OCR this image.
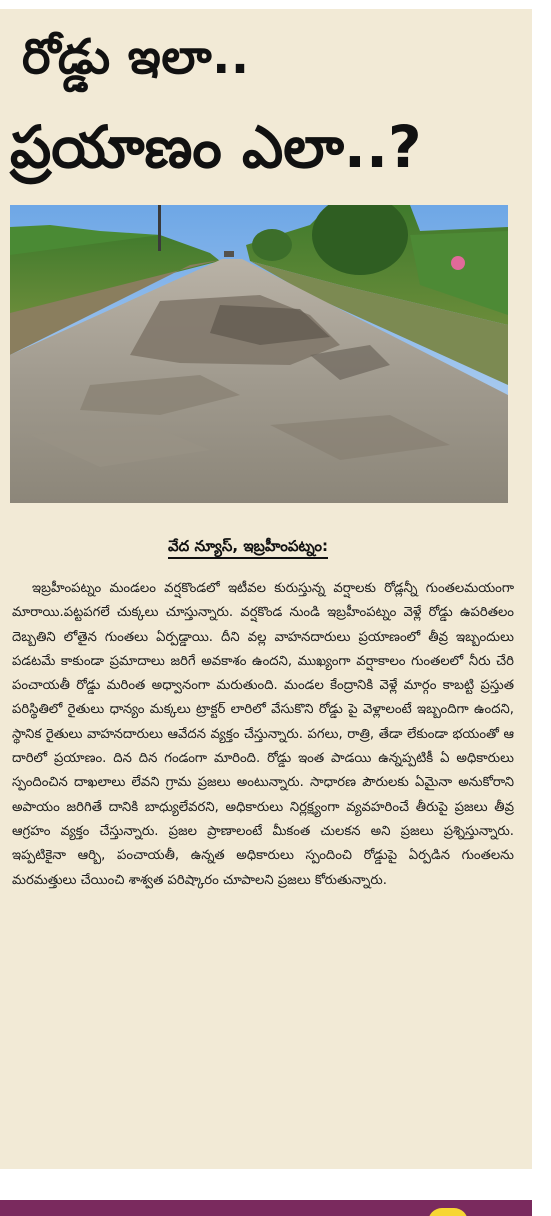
రోడ్డు ఇలా..
ప్రయాణం ఎలా..?
వేద న్యూస్, ఇబ్రహీంపట్నం:

ఇబ్రహీంపట్నం మండలం వర్షకొండలో ఇటీవల కురుస్తున్న వర్షాలకు రోడ్లన్నీ గుంతలమయంగా మారాయి.పట్టపగలే చుక్కలు చూస్తున్నారు. వర్షకొండ నుండి ఇబ్రహీంపట్నం వెళ్లే రోడ్డు ఉపరితలం దెబ్బతిని లోతైన గుంతలు ఏర్పడ్డాయి. దీని వల్ల వాహనదారులు ప్రయాణంలో తీవ్ర ఇబ్బందులు పడటమే కాకుండా ప్రమాదాలు జరిగే అవకాశం ఉందని, ముఖ్యంగా వర్షాకాలం గుంతలలో నీరు చేరి పంచాయతీ రోడ్డు మరింత అధ్వానంగా మరుతుంది. మండల కేంద్రానికి వెళ్లే మార్గం కాబట్టి ప్రస్తుత పరిస్థితిలో రైతులు ధాన్యం మక్కలు ట్రాక్టర్ లారిలో వేసుకొని రోడ్డు పై వెళ్లాలంటే ఇబ్బందిగా ఉందని, స్థానిక రైతులు వాహనదారులు ఆవేదన వ్యక్తం చేస్తున్నారు. పగలు, రాత్రి, తేడా లేకుండా భయంతో ఆ దారిలో ప్రయాణం. దిన దిన గండంగా మారింది. రోడ్డు ఇంత పాడయి ఉన్నప్పటికీ ఏ అధికారులు స్పందించిన దాఖలాలు లేవని గ్రామ ప్రజలు అంటున్నారు. సాధారణ పౌరులకు ఏమైనా అనుకోరాని అపాయం జరిగితే దానికి బాధ్యులేవరని, అధికారులు నిర్లక్ష్యంగా వ్యవహరించే తీరుపై ప్రజలు తీవ్ర ఆగ్రహం వ్యక్తం చేస్తున్నారు. ప్రజల ప్రాణాలంటే మీకంత చులకన అని ప్రజలు ప్రశ్నిస్తున్నారు. ఇప్పటికైనా ఆర్బి, పంచాయతీ, ఉన్నత అధికారులు స్పందించి రోడ్డుపై ఏర్పడిన గుంతలను మరమత్తులు చేయించి శాశ్వత పరిష్కారం చూపాలని ప్రజలు కోరుతున్నారు.
